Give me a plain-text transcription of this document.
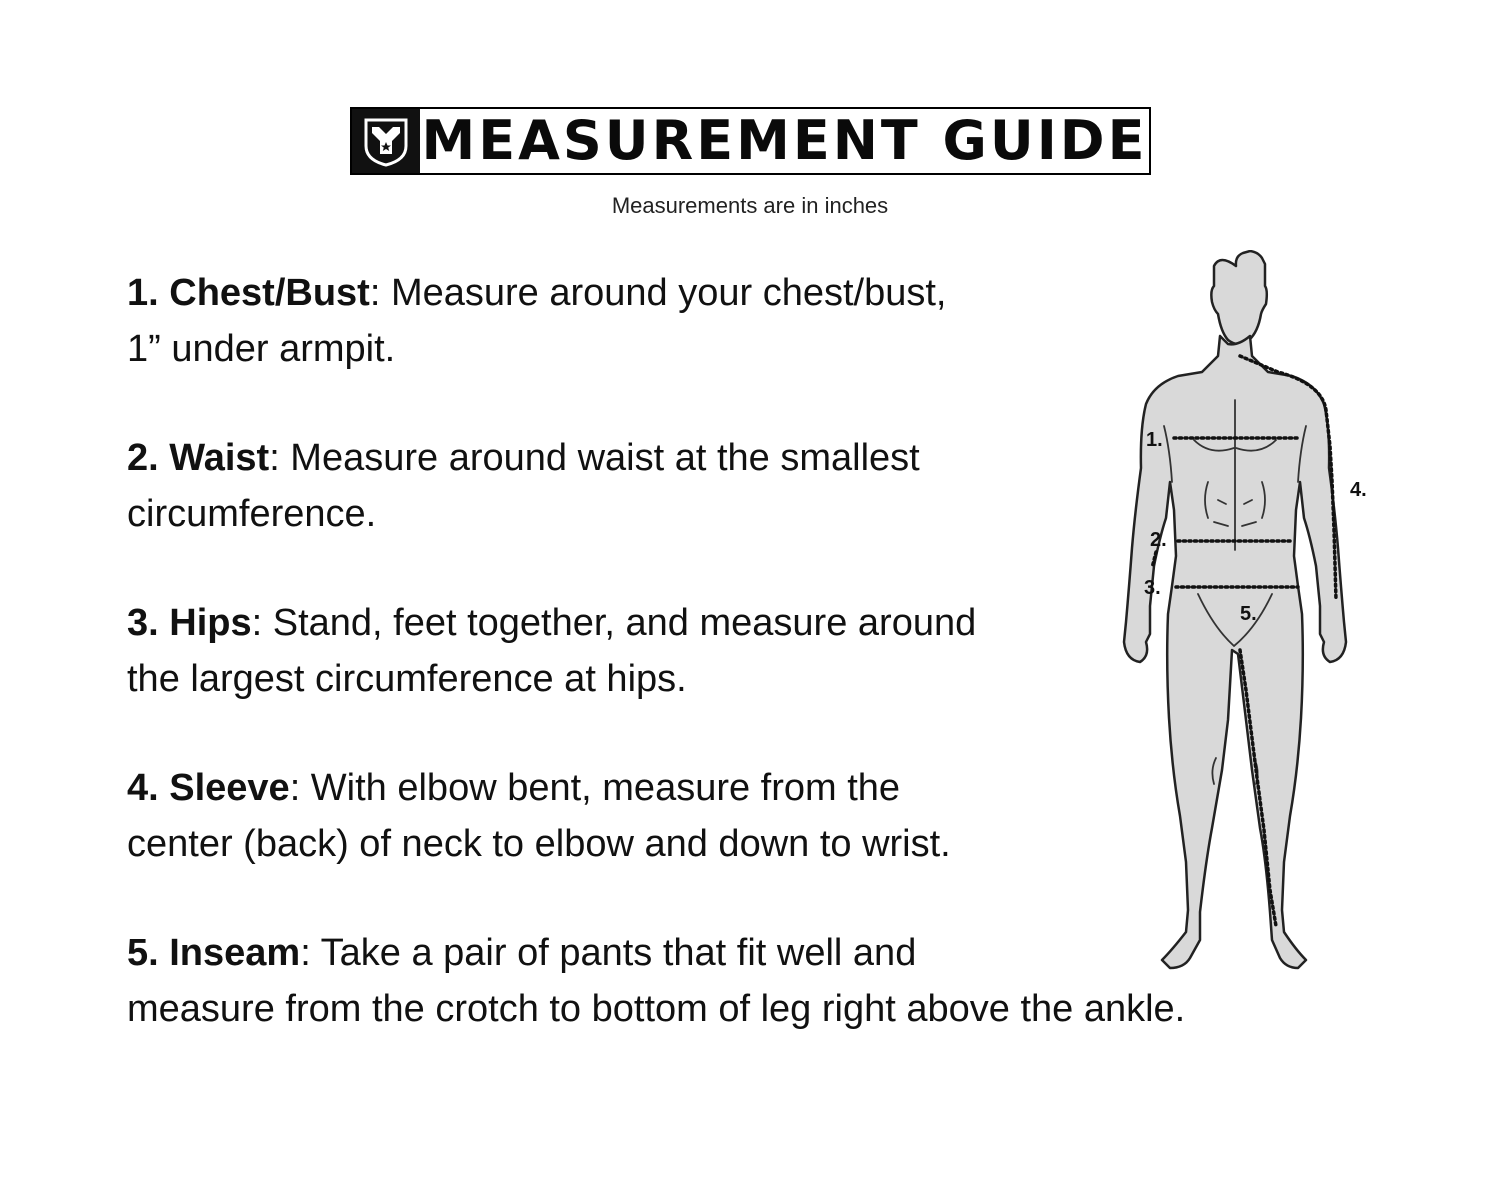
MEASUREMENT GUIDE
Measurements are in inches
1. Chest/Bust: Measure around your chest/bust,
1” under armpit.
2. Waist: Measure around waist at the smallest
circumference.
3. Hips: Stand, feet together, and measure around
the largest circumference at hips.
4. Sleeve: With elbow bent, measure from the
center (back) of neck to elbow and down to wrist.
5. Inseam: Take a pair of pants that fit well and
measure from the crotch to bottom of leg right above the ankle.
1.
4.
2.
3.
5.
